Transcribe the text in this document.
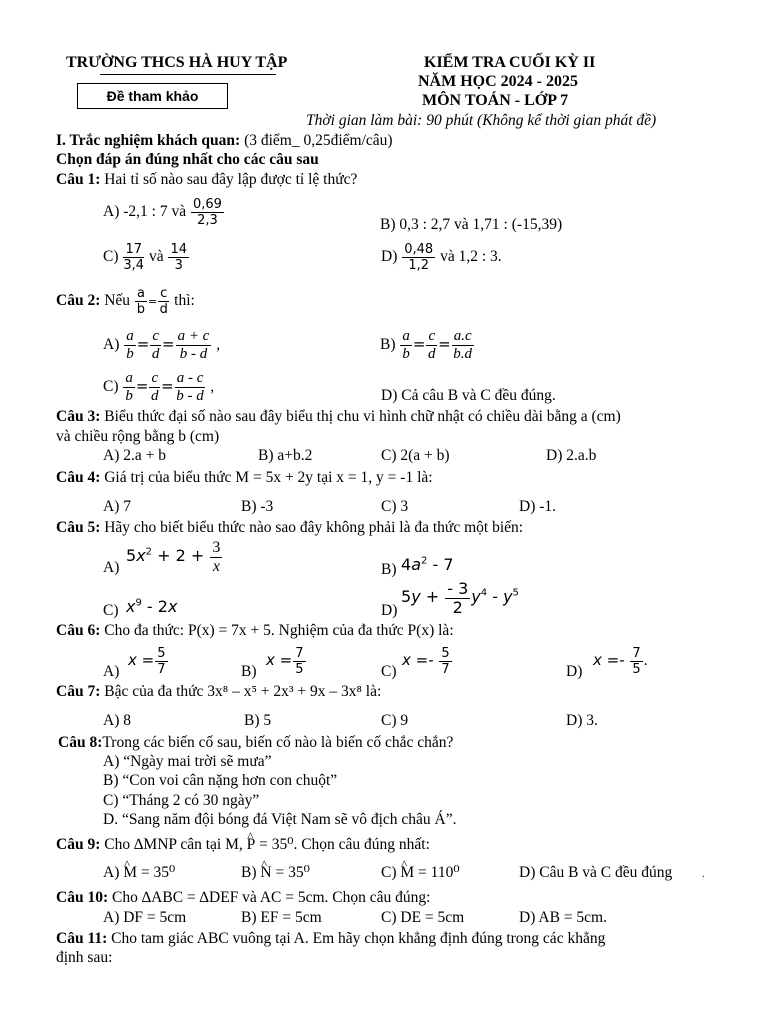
TRƯỜNG THCS HÀ HUY TẬP
Đề tham khảo
KIỂM TRA CUỐI KỲ II
NĂM HỌC 2024 - 2025
MÔN TOÁN - LỚP 7
Thời gian làm bài: 90 phút (Không kể thời gian phát đề)
I. Trắc nghiệm khách quan: (3 điểm_ 0,25điểm/câu)
Chọn đáp án đúng nhất cho các câu sau
Câu 1: Hai tỉ số nào sau đây lập được tỉ lệ thức?
A) -2,1 : 7 và $\frac{0,69}{2,3}$	B) 0,3 : 2,7 và 1,71 : (-15,39)
$C) \frac{17}{3,4}$ và $\frac{14}{3}$	$D) \frac{0,48}{1,2}$ và 1,2 : 3.
Câu 2: Nếu $\frac{a}{b} = \frac{c}{d}$ thì:
$A) \frac{a}{b} = \frac{c}{d} = \frac{a + c}{b - d}$ ,	$B) \frac{a}{b} = \frac{c}{d} = \frac{a.c}{b.d}$
$C) \frac{a}{b} = \frac{c}{d} = \frac{a - c}{b - d}$ ,
D) Cả câu B và C đều đúng.
Câu 3: Biểu thức đại số nào sau đây biểu thị chu vi hình chữ nhật có chiều dài bằng a (cm)
và chiều rộng bằng b (cm)
A) 2.a + b	B) a+b.2	C) 2(a + b)	D) 2.a.b
Câu 4: Giá trị của biểu thức M = 5x + 2y tại x = 1, y = -1 là:
A) 7	B) -3	C) 3	D) -1.
Câu 5: Hãy cho biết biểu thức nào sao đây không phải là đa thức một biến:
A)
$5x^2 + 2 + \frac{3}{x}$	B) $4a^2 - 7$
C) $x^9 - 2x$	D)
$5y + \frac{- 3}{2} y^4 - y^5$
Câu 6: Cho đa thức: P(x) = 7x + 5. Nghiệm của đa thức P(x) là:
A)
$x = \frac{5}{7}$	B)
$x = \frac{7}{5}$	C)
$x =- \frac{5}{7}$	D)
$x =- \frac{7}{5}$ .
Câu 7: Bậc của đa thức 3x⁸ – x⁵ + 2x³ + 9x – 3x⁸ là:
A) 8	B) 5	C) 9	D) 3.
Câu 8:Trong các biến cố sau, biến cố nào là biến cố chắc chắn?
A) “Ngày mai trời sẽ mưa”
B) “Con voi cân nặng hơn con chuột”
C) “Tháng 2 có 30 ngày”
D. “Sang năm đội bóng đá Việt Nam sẽ vô địch châu Á”.
Câu 9: Cho ∆MNP cân tại M, ^ P = 35⁰. Chọn câu đúng nhất:
A) ^ M = 35⁰	B) ^ N = 35⁰	C) ^ M = 110⁰	D) Câu B và C đều đúng	.
Câu 10: Cho ∆ABC = ∆DEF và AC = 5cm. Chọn câu đúng:
A) DF = 5cm	B) EF = 5cm	C) DE = 5cm	D) AB = 5cm.
Câu 11: Cho tam giác ABC vuông tại A. Em hãy chọn khẳng định đúng trong các khẳng
định sau:
